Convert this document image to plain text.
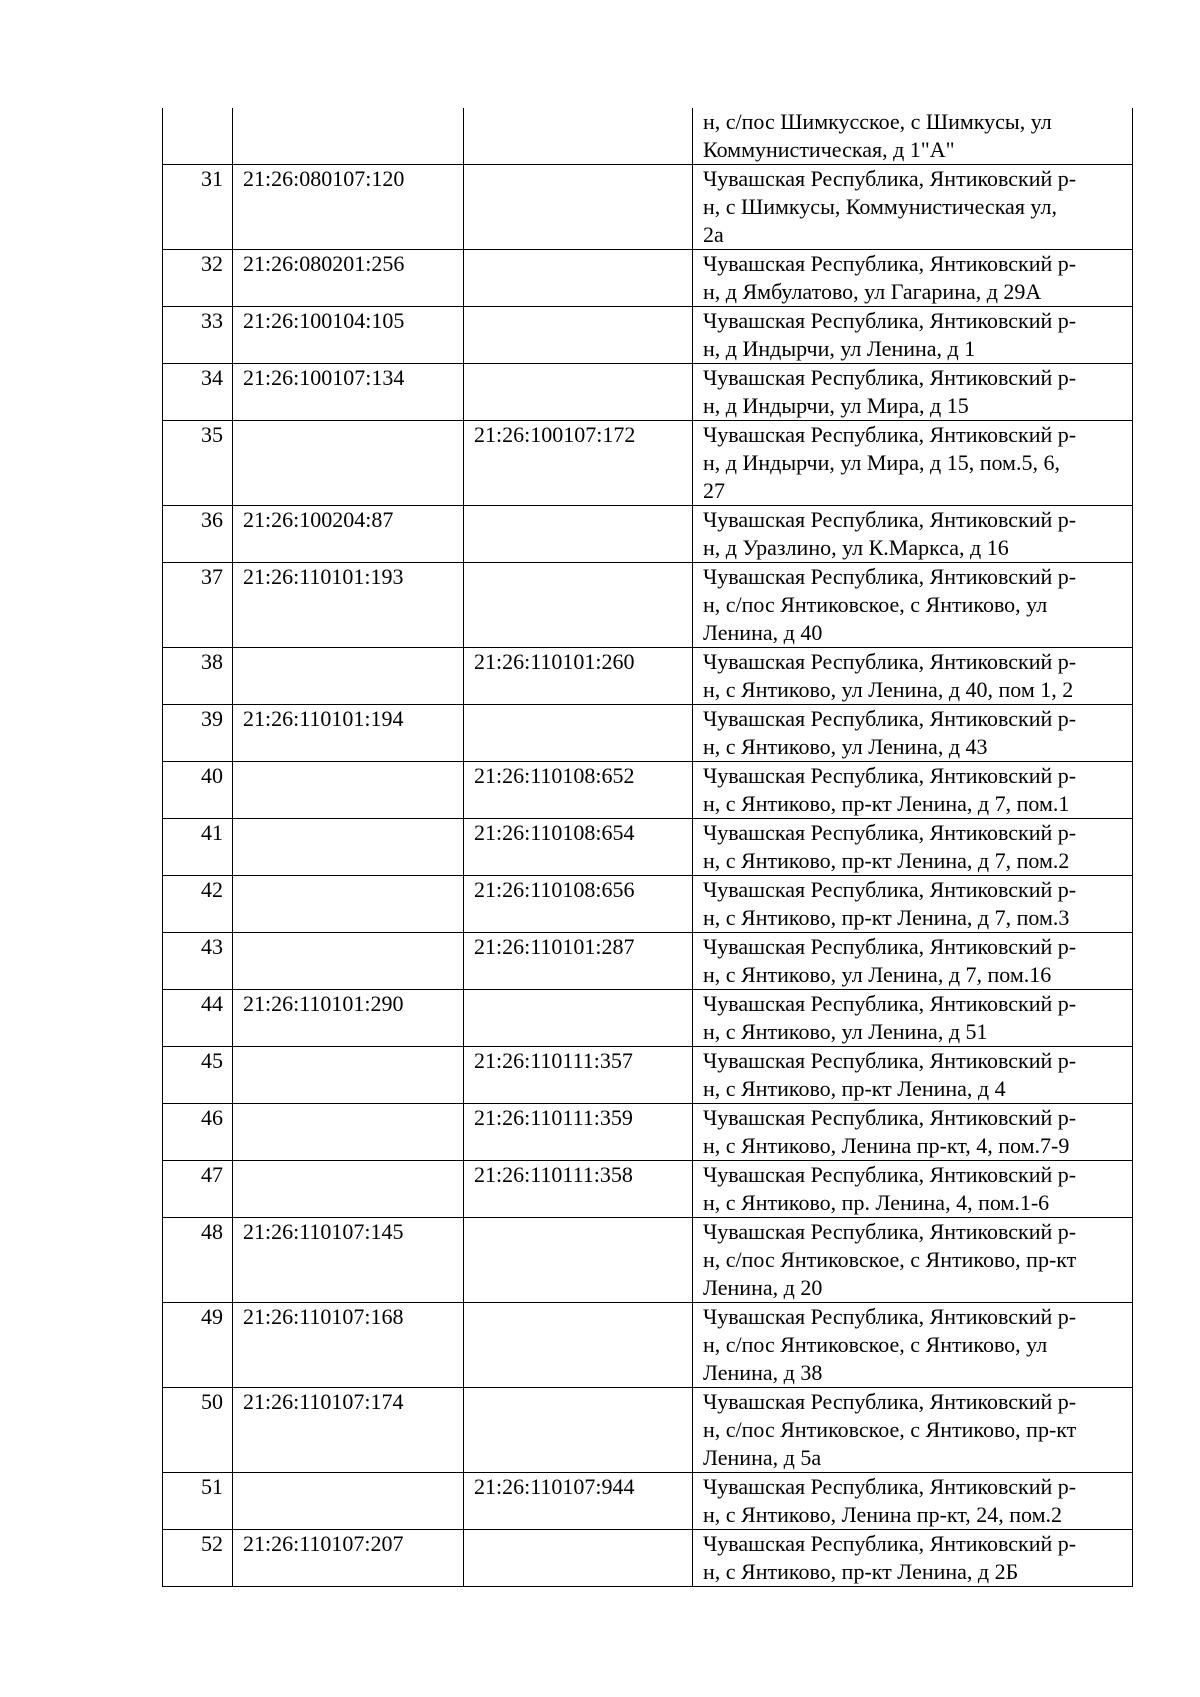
			н, с/пос Шимкусское, с Шимкусы, ул
Коммунистическая, д 1"А"

31	21:26:080107:120		Чувашская Республика, Янтиковский р-
н, с Шимкусы, Коммунистическая ул,
2а

32	21:26:080201:256		Чувашская Республика, Янтиковский р-
н, д Ямбулатово, ул Гагарина, д 29А

33	21:26:100104:105		Чувашская Республика, Янтиковский р-
н, д Индырчи, ул Ленина, д 1

34	21:26:100107:134		Чувашская Республика, Янтиковский р-
н, д Индырчи, ул Мира, д 15

35		21:26:100107:172	Чувашская Республика, Янтиковский р-
н, д Индырчи, ул Мира, д 15, пом.5, 6,
27

36	21:26:100204:87		Чувашская Республика, Янтиковский р-
н, д Уразлино, ул К.Маркса, д 16

37	21:26:110101:193		Чувашская Республика, Янтиковский р-
н, с/пос Янтиковское, с Янтиково, ул
Ленина, д 40

38		21:26:110101:260	Чувашская Республика, Янтиковский р-
н, с Янтиково, ул Ленина, д 40, пом 1, 2

39	21:26:110101:194		Чувашская Республика, Янтиковский р-
н, с Янтиково, ул Ленина, д 43

40		21:26:110108:652	Чувашская Республика, Янтиковский р-
н, с Янтиково, пр-кт Ленина, д 7, пом.1

41		21:26:110108:654	Чувашская Республика, Янтиковский р-
н, с Янтиково, пр-кт Ленина, д 7, пом.2

42		21:26:110108:656	Чувашская Республика, Янтиковский р-
н, с Янтиково, пр-кт Ленина, д 7, пом.3

43		21:26:110101:287	Чувашская Республика, Янтиковский р-
н, с Янтиково, ул Ленина, д 7, пом.16

44	21:26:110101:290		Чувашская Республика, Янтиковский р-
н, с Янтиково, ул Ленина, д 51

45		21:26:110111:357	Чувашская Республика, Янтиковский р-
н, с Янтиково, пр-кт Ленина, д 4

46		21:26:110111:359	Чувашская Республика, Янтиковский р-
н, с Янтиково, Ленина пр-кт, 4, пом.7-9

47		21:26:110111:358	Чувашская Республика, Янтиковский р-
н, с Янтиково, пр. Ленина, 4, пом.1-6

48	21:26:110107:145		Чувашская Республика, Янтиковский р-
н, с/пос Янтиковское, с Янтиково, пр-кт
Ленина, д 20

49	21:26:110107:168		Чувашская Республика, Янтиковский р-
н, с/пос Янтиковское, с Янтиково, ул
Ленина, д 38

50	21:26:110107:174		Чувашская Республика, Янтиковский р-
н, с/пос Янтиковское, с Янтиково, пр-кт
Ленина, д 5а

51		21:26:110107:944	Чувашская Республика, Янтиковский р-
н, с Янтиково, Ленина пр-кт, 24, пом.2

52	21:26:110107:207		Чувашская Республика, Янтиковский р-
н, с Янтиково, пр-кт Ленина, д 2Б
